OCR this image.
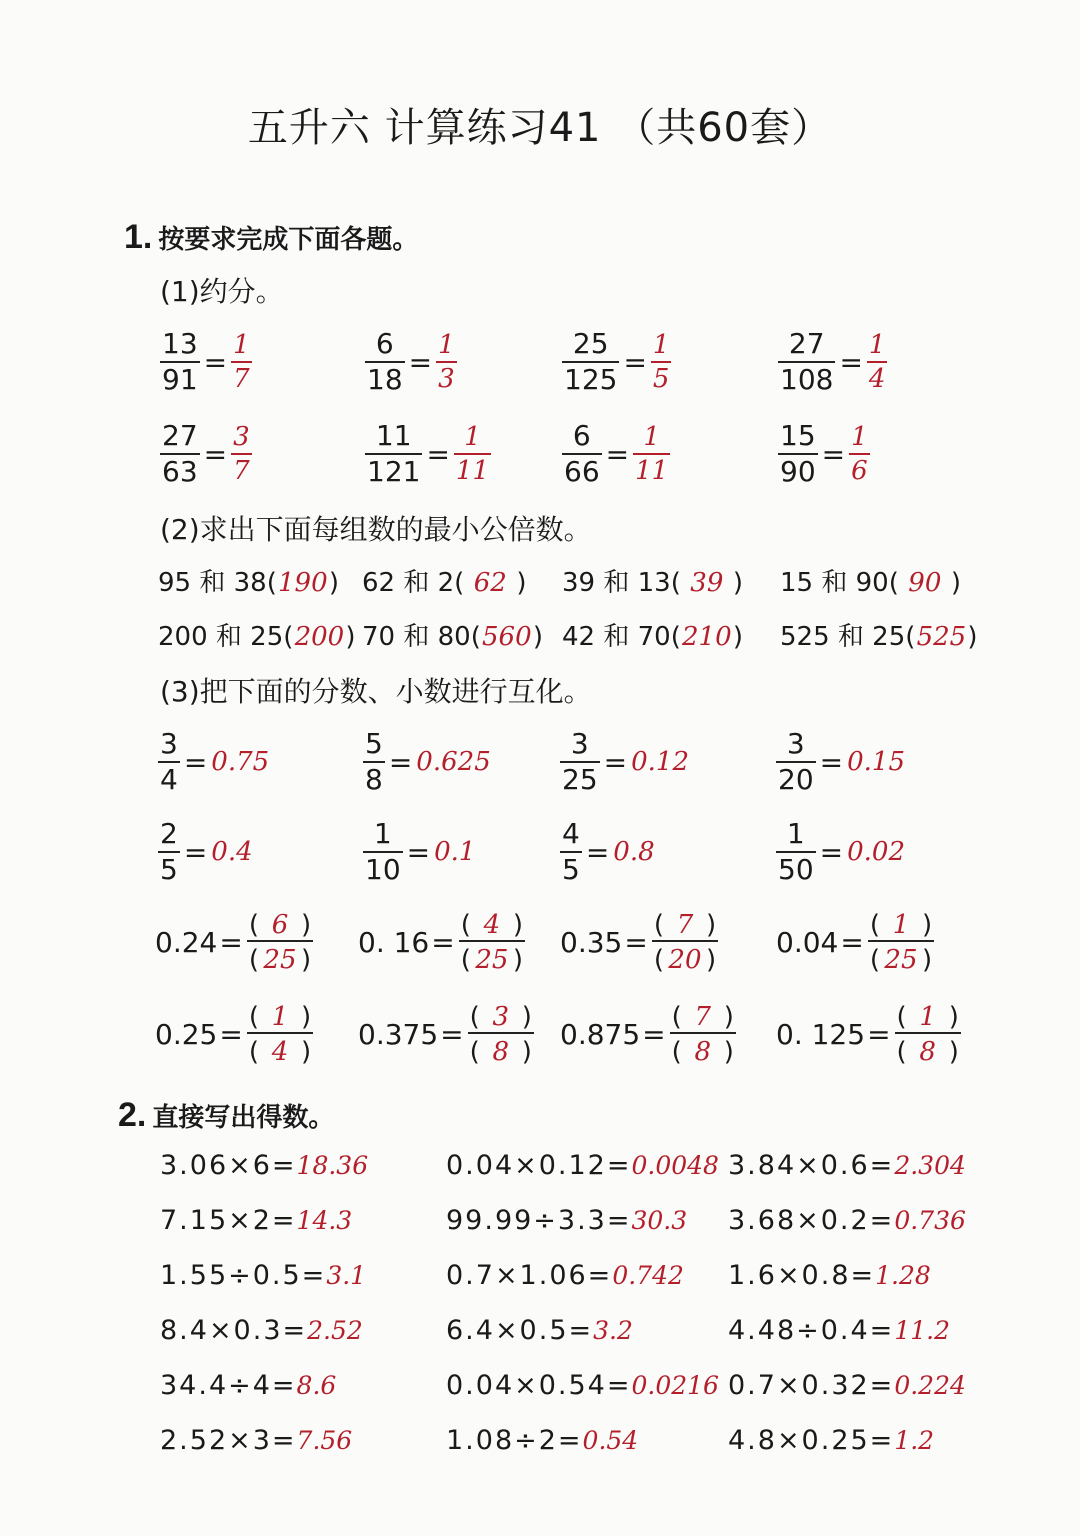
五升六 计算练习41 （共60套）
1. 按要求完成下面各题。
(1)约分。
$\frac{13}{91} = \frac{1}{7}$	$\frac{6}{18} = \frac{1}{3}$	$\frac{25}{125} = \frac{1}{5}$	$\frac{27}{108} = \frac{1}{4}$
$\frac{27}{63} = \frac{3}{7}$	$\frac{11}{121} = \frac{1}{11}$	$\frac{6}{66} = \frac{1}{11}$	$\frac{15}{90} = \frac{1}{6}$
(2)求出下面每组数的最小公倍数。
95 和 38(190) 62 和 2( 62 ) 39 和 13( 39 ) 15 和 90( 90 )
200 和 25(200) 70 和 80(560) 42 和 70(210) 525 和 25(525)
(3)把下面的分数、小数进行互化。
$\frac{3}{4} = 0.75$	$\frac{5}{8} = 0.625 \frac{3}{25} = 0.12$	$\frac{3}{20} = 0.15$
$\frac{2}{5} = 0.4$	$\frac{1}{10} = 0.1$	$\frac{4}{5} = 0.8$	$\frac{1}{50} = 0.02$
$0.24 = \frac{( 6 )}{( 25 )} 0$. $16 = \frac{( 4 )}{( 25 )} 0.35 = \frac{( 7 )}{( 20 )} 0.04 = \frac{( 1 )}{( 25 )}$
$0.25 = \frac{( 1 )}{( 4 )} 0.375 = \frac{( 3 )}{( 8 )} 0.875 = \frac{( 7 )}{( 8 )} 0$. $125 = \frac{( 1 )}{( 8 )}$
2. 直接写出得数。
3.06×6=18.36	0.04×0.12=0.0048 3.84×0.6=2.304
7.15×2=14.3	99.99÷3.3=30.3 3.68×0.2=0.736
1.55÷0.5=3.1	0.7×1.06=0.742 1.6×0.8=1.28
8.4×0.3=2.52	6.4×0.5=3.2	4.48÷0.4=11.2
34.4÷4=8.6	0.04×0.54=0.0216 0.7×0.32=0.224
2.52×3=7.56	1.08÷2=0.54	4.8×0.25=1.2
